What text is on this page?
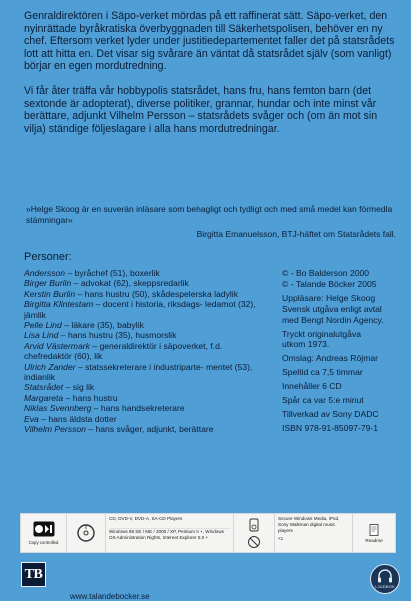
Genraldirektören i Säpo-verket mördas på ett raffinerat sätt. Säpo-verket, den nyinrättade byråkratiska överbyggnaden till Säkerhetspolisen, behöver en ny chef. Eftersom verket lyder under justitiedepartementet faller det på statsrådets lott att hitta en. Det visar sig svårare än väntat då statsrådet själv (som vanligt) börjar en egen mordutredning.

Vi får åter träffa vår hobbypolis statsrådet, hans fru, hans femton barn (det sextonde är adopterat), diverse politiker, grannar, hundar och inte minst vår berättare, adjunkt Vilhelm Persson – statsrådets svåger och (om än mot sin vilja) ständige följeslagare i alla hans mordutredningar.

»Helge Skoog är en suverän inläsare som behagligt och tydligt och med små medel kan förmedla stämningar«
Birgitta Emanuelsson, BTJ-häftet om Statsrådets fall.
Personer:
Andersson – byråchef (51), boxerlik
Birger Burlin – advokat (62), skeppsredarlik
Kerstin Burlin – hans hustru (50), skådespelerska ladylik
Birgitta Klintestam – docent i historia, riksdags- ledamot (32), jämlik
Pelle Lind – läkare (35), babylik
Lisa Lind – hans hustru (35), husmorslik
Arvid Västermark – generaldirektör i säpoverket, f.d. chefredaktör (60), lik
Ulrich Zander – statssekreterare i industriparte- mentet (53), indianlik
Statsrådet – sig lik
Margareta – hans hustru
Niklas Svennberg – hans handsekreterare
Eva – hans äldsta dotter
Vilhelm Persson – hans svåger, adjunkt, berättare
© - Bo Balderson 2000
© - Talande Böcker 2005
Uppläsare: Helge Skoog
Svensk utgåva enligt avtal
med Bengt Nordin Agency.
Tryckt originalutgåva
utkom 1973.
Omslag: Andreas Röjmar
Speltid ca 7,5 timmar
Innehåller 6 CD
Spår ca var 5:e minut
Tillverkad av Sony DADC
ISBN 978-91-85097-79-1
Copy controlled
CD, DVD-V, DVD-A, SA-CD Players
Windows 98 SE / ME / 2000 / XP, Pentium II +, Windows OS Administration Rights, Internet Explorer 5.0 +
Secure Windows Media, iPod,
Sony Walkman digital music players
×1	Readme
TB
www.talandebocker.se
LJUDBOK
